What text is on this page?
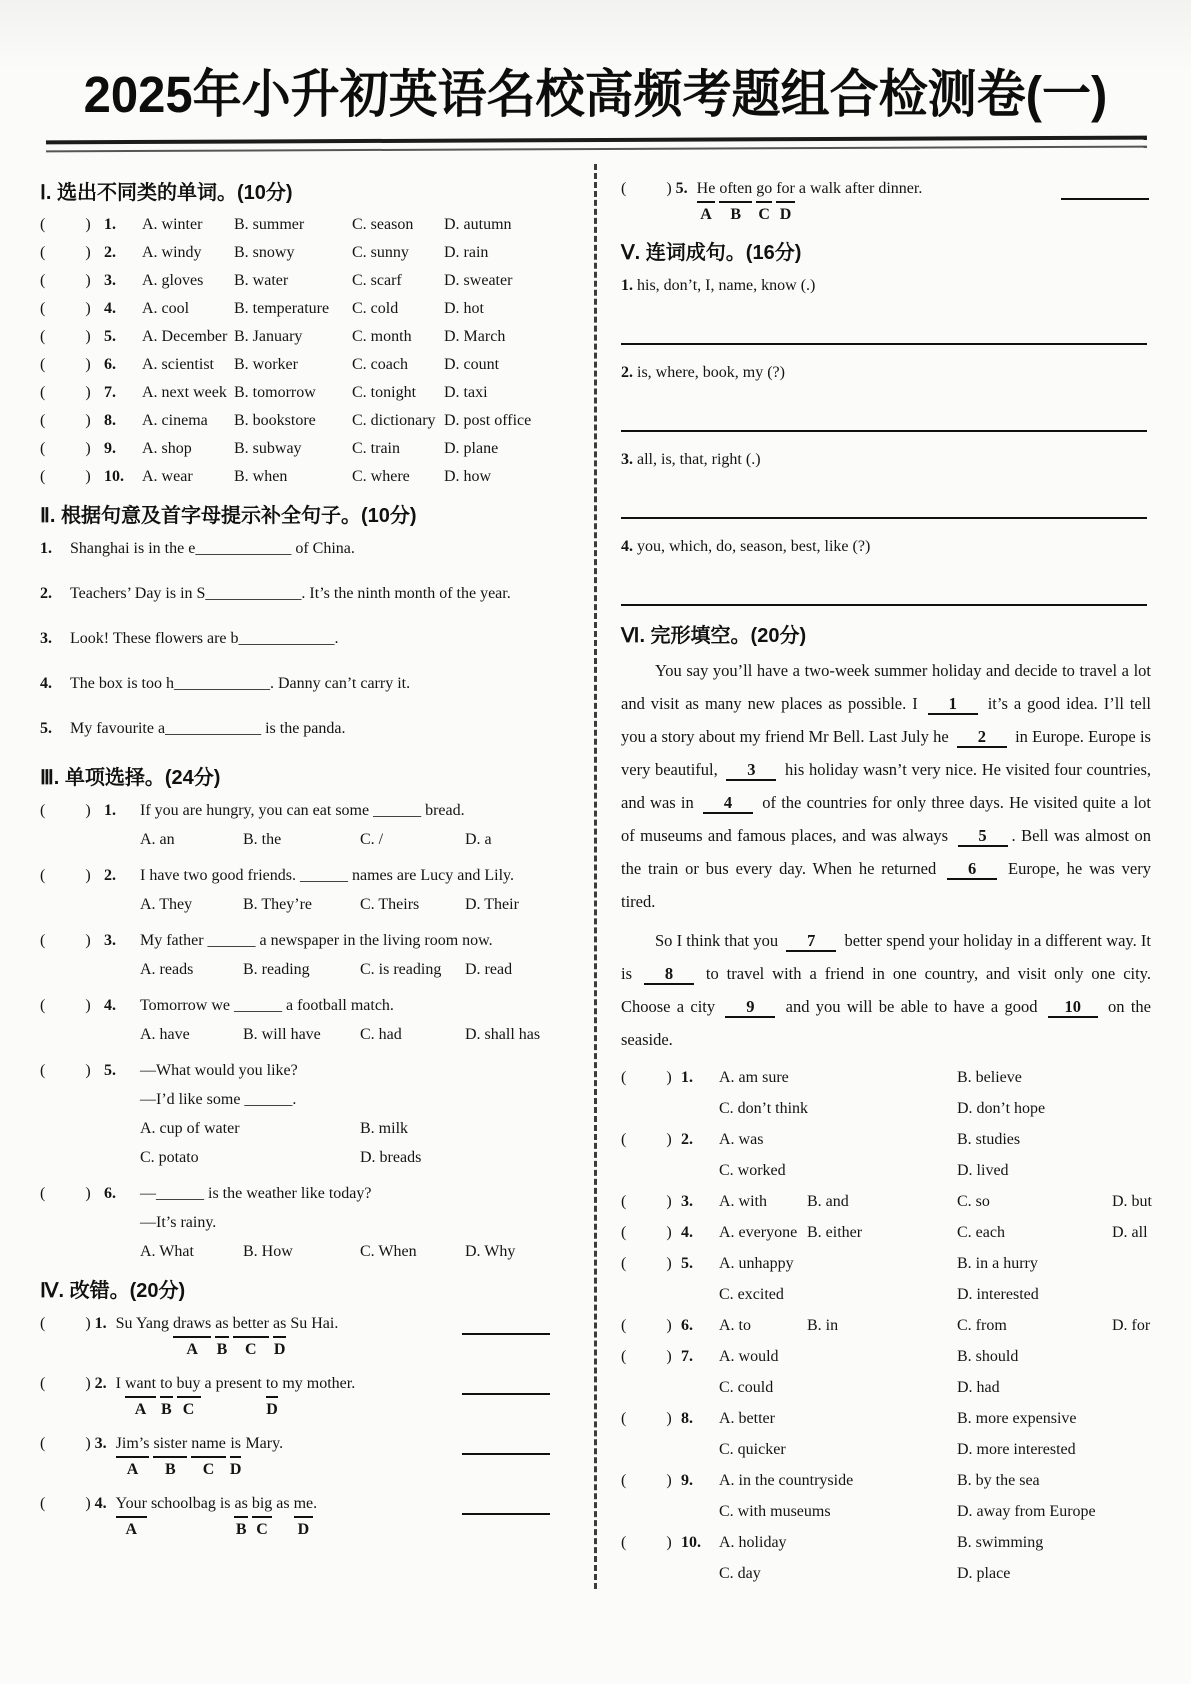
2025年小升初英语名校高频考题组合检测卷(一)
Ⅰ. 选出不同类的单词。(10分)
(          ) 1.	A. winter	B. summer	C. season	D. autumn
(          ) 2.	A. windy	B. snowy	C. sunny	D. rain
(          ) 3.	A. gloves	B. water	C. scarf	D. sweater
(          ) 4.	A. cool	B. temperature	C. cold	D. hot
(          ) 5.	A. December B. January	C. month	D. March
(          ) 6.	A. scientist	B. worker	C. coach	D. count
(          ) 7.	A. next week B. tomorrow	C. tonight	D. taxi
(          ) 8.	A. cinema	B. bookstore	C. dictionary D. post office
(          ) 9.	A. shop	B. subway	C. train	D. plane
(          ) 10.	A. wear	B. when	C. where	D. how
Ⅱ. 根据句意及首字母提示补全句子。(10分)
1.	Shanghai is in the e____________ of China.
2.	Teachers’ Day is in S____________. It’s the ninth month of the year.
3.	Look! These flowers are b____________.
4.	The box is too h____________. Danny can’t carry it.
5.	My favourite a____________ is the panda.
Ⅲ. 单项选择。(24分)
(          ) 1.	If you are hungry, you can eat some ______ bread.
A. an	B. the	C. /	D. a
(          ) 2.	I have two good friends. ______ names are Lucy and Lily.
A. They	B. They’re	C. Theirs	D. Their
(          ) 3.	My father ______ a newspaper in the living room now.
A. reads	B. reading	C. is reading	D. read
(          ) 4.	Tomorrow we ______ a football match.
A. have	B. will have	C. had	D. shall has
(          ) 5.	—What would you like?
—I’d like some ______.
A. cup of water	B. milk
C. potato	D. breads
(          ) 6.	—______ is the weather like today?
—It’s rainy.
A. What	B. How	C. When	D. Why
Ⅳ. 改错。(20分)
(          ) 1. Su Yang draws
A
	$\frac{as}{B}$
better
C
	$\frac{as}{D}$ Su Hai.
(          ) 2. I want
A
$\frac{to}{B}$
buy
C
a present $\frac{to}{D}$ my mother.
(          ) 3. Jim’s
A

sister
B

name
C
$\frac{is}{D}$ Mary.
(          ) 4. Your
A
schoolbag is $\frac{as}{B}$
big
C
as $\frac{me}{D}$ .
(          ) 5. $\frac{He}{A}$
often
B
$\frac{go}{C}$
for
D
a walk after dinner.
Ⅴ. 连词成句。(16分)
1. his, don’t, I, name, know (.)
2. is, where, book, my (?)
3. all, is, that, right (.)
4. you, which, do, season, best, like (?)
Ⅵ. 完形填空。(20分)

You say you’ll have a two-week summer holiday and decide to travel a lot and visit as many new places as possible. I 1 it’s a good idea. I’ll tell you a story about my friend Mr Bell. Last July he 2 in Europe. Europe is very beautiful, 3 his holiday wasn’t very nice. He visited four countries, and was in 4 of the countries for only three days. He visited quite a lot of museums and famous places, and was always 5 . Bell was almost on the train or bus every day. When he returned 6 Europe, he was very tired.

So I think that you 7 better spend your holiday in a different way. It is 8 to travel with a friend in one country, and visit only one city. Choose a city 9 and you will be able to have a good 10 on the seaside.

(          ) 1.	A. am sure	B. believe
C. don’t think	D. don’t hope
(          ) 2.	A. was	B. studies
C. worked	D. lived
(          ) 3.	A. with	B. and	C. so	D. but
(          ) 4.	A. everyone B. either	C. each	D. all
(          ) 5.	A. unhappy	B. in a hurry
C. excited	D. interested
(          ) 6.	A. to	B. in	C. from	D. for
(          ) 7.	A. would	B. should
C. could	D. had
(          ) 8.	A. better	B. more expensive
C. quicker	D. more interested
(          ) 9.	A. in the countryside	B. by the sea
C. with museums	D. away from Europe
(          ) 10.	A. holiday	B. swimming
C. day	D. place
